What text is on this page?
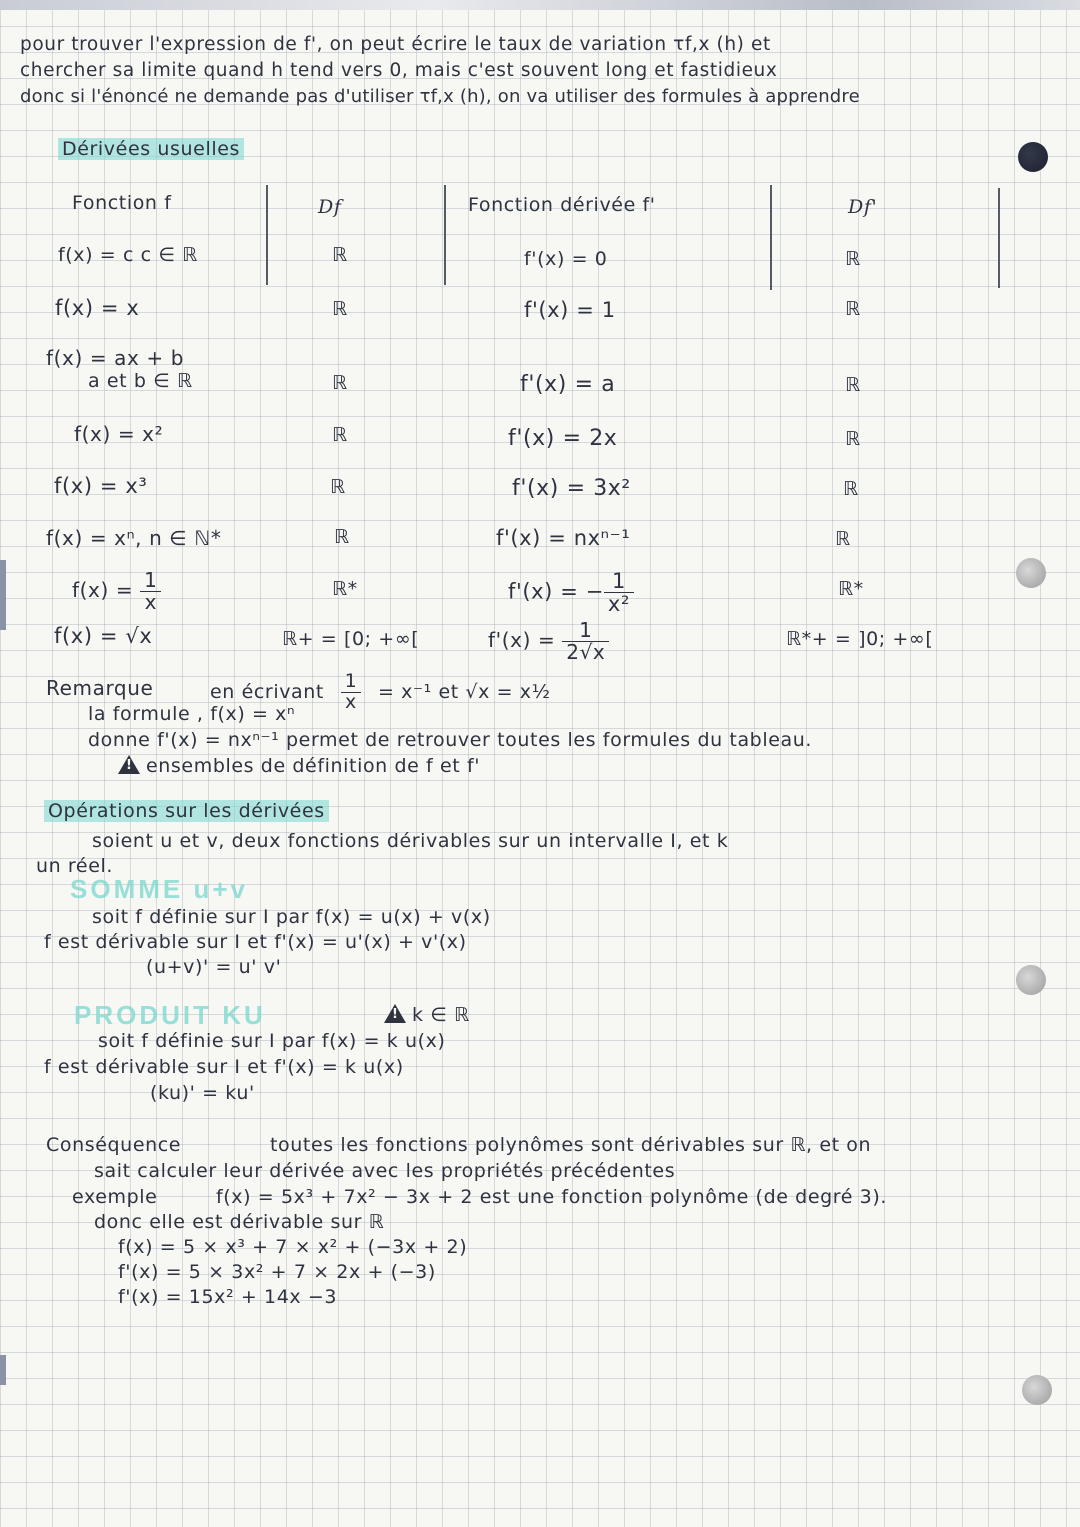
pour trouver l'expression de f', on peut écrire le taux de variation τf,x (h) et
chercher sa limite quand h tend vers 0, mais c'est souvent long et fastidieux
donc si l'énoncé ne demande pas d'utiliser τf,x (h), on va utiliser des formules à apprendre
Dérivées usuelles
Fonction f	Df	Fonction dérivée f'	Df'
f(x) = c c ∈ ℝ	ℝ	f'(x) = 0	ℝ
f(x) = x	ℝ	f'(x) = 1	ℝ
f(x) = ax + b
a et b ∈ ℝ	ℝ	f'(x) = a	ℝ
f(x) = x²	ℝ	f'(x) = 2x	ℝ
f(x) = x³	ℝ	f'(x) = 3x²	ℝ
f(x) = xⁿ, n ∈ ℕ*	ℝ	f'(x) = nxⁿ⁻¹	ℝ
$f(x) = \frac{1}{x}$	ℝ*	f'(x) = − $\frac{1}{\text{x²}}$	ℝ*
f(x) = √x	ℝ+ = [0; +∞[	$f'(x) = \frac{1}{2√x}$	ℝ*+ = ]0; +∞[
Remarque	en écrivant $\frac{1}{x} = x^{-1}$ et √x = x½
la formule , f(x) = xⁿ
donne f'(x) = nxⁿ⁻¹ permet de retrouver toutes les formules du tableau.
!ensembles de définition de f et f'
Opérations sur les dérivées
soient u et v, deux fonctions dérivables sur un intervalle I, et k
un réel.
SOMME u+v
soit f définie sur I par f(x) = u(x) + v(x)
f est dérivable sur I et f'(x) = u'(x) + v'(x)
(u+v)' = u' v'
PRODUIT KU
!	k ∈ ℝ
soit f définie sur I par f(x) = k u(x)
f est dérivable sur I et f'(x) = k u(x)
(ku)' = ku'
Conséquence	toutes les fonctions polynômes sont dérivables sur ℝ, et on
sait calculer leur dérivée avec les propriétés précédentes
exemple	f(x) = 5x³ + 7x² − 3x + 2 est une fonction polynôme (de degré 3).
donc elle est dérivable sur ℝ
f(x) = 5 × x³ + 7 × x² + (−3x + 2)
f'(x) = 5 × 3x² + 7 × 2x + (−3)
f'(x) = 15x² + 14x −3
